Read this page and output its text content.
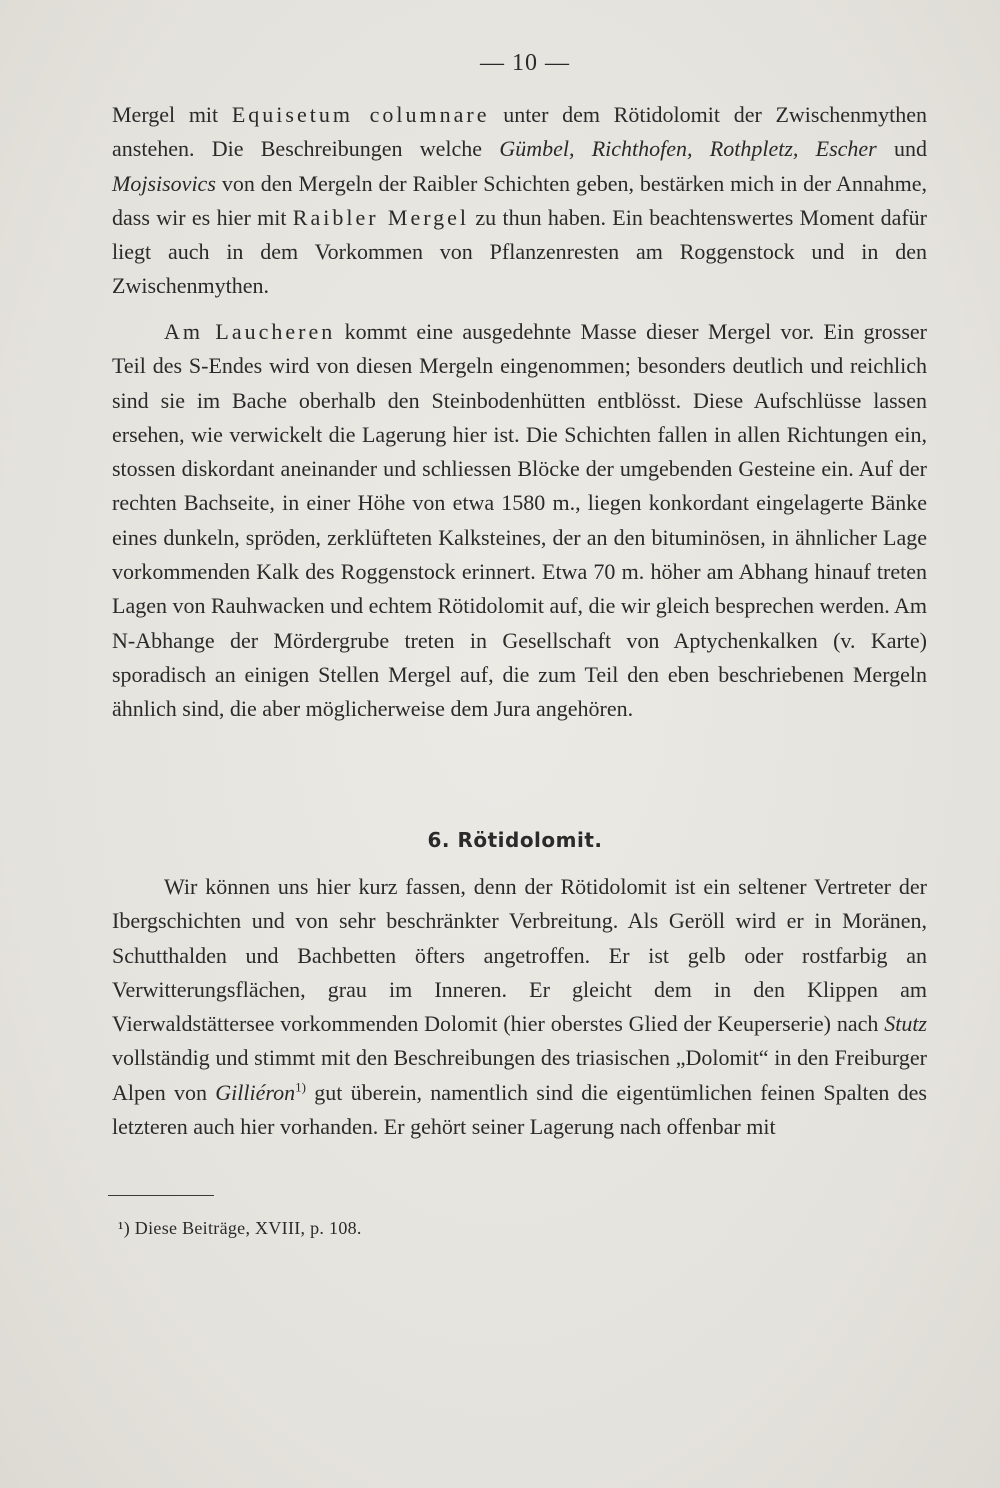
— 10 —

Mergel mit Equisetum columnare unter dem Rötidolomit der Zwischenmythen anstehen. Die Beschreibungen welche Gümbel, Richthofen, Rothpletz, Escher und Mojsisovics von den Mergeln der Raibler Schichten geben, bestärken mich in der Annahme, dass wir es hier mit Raibler Mergel zu thun haben. Ein beachtenswertes Moment dafür liegt auch in dem Vorkommen von Pflanzenresten am Roggenstock und in den Zwischenmythen.

Am Laucheren kommt eine ausgedehnte Masse dieser Mergel vor. Ein grosser Teil des S-Endes wird von diesen Mergeln eingenommen; besonders deutlich und reichlich sind sie im Bache oberhalb den Steinbodenhütten entblösst. Diese Aufschlüsse lassen ersehen, wie verwickelt die Lagerung hier ist. Die Schichten fallen in allen Richtungen ein, stossen diskordant aneinander und schliessen Blöcke der umgebenden Gesteine ein. Auf der rechten Bachseite, in einer Höhe von etwa 1580 m., liegen konkordant eingelagerte Bänke eines dunkeln, spröden, zerklüfteten Kalksteines, der an den bituminösen, in ähnlicher Lage vorkommenden Kalk des Roggenstock erinnert. Etwa 70 m. höher am Abhang hinauf treten Lagen von Rauhwacken und echtem Rötidolomit auf, die wir gleich besprechen werden. Am N-Abhange der Mördergrube treten in Gesellschaft von Aptychenkalken (v. Karte) sporadisch an einigen Stellen Mergel auf, die zum Teil den eben beschriebenen Mergeln ähnlich sind, die aber möglicherweise dem Jura angehören.

6. Rötidolomit.

Wir können uns hier kurz fassen, denn der Rötidolomit ist ein seltener Vertreter der Ibergschichten und von sehr beschränkter Verbreitung. Als Geröll wird er in Moränen, Schutthalden und Bachbetten öfters angetroffen. Er ist gelb oder rostfarbig an Verwitterungsflächen, grau im Inneren. Er gleicht dem in den Klippen am Vierwaldstättersee vorkommenden Dolomit (hier oberstes Glied der Keuperserie) nach Stutz vollständig und stimmt mit den Beschreibungen des triasischen „Dolomit“ in den Freiburger Alpen von Gilliéron$^{1)}$ gut überein, namentlich sind die eigentümlichen feinen Spalten des letzteren auch hier vorhanden. Er gehört seiner Lagerung nach offenbar mit

¹) Diese Beiträge, XVIII, p. 108.
